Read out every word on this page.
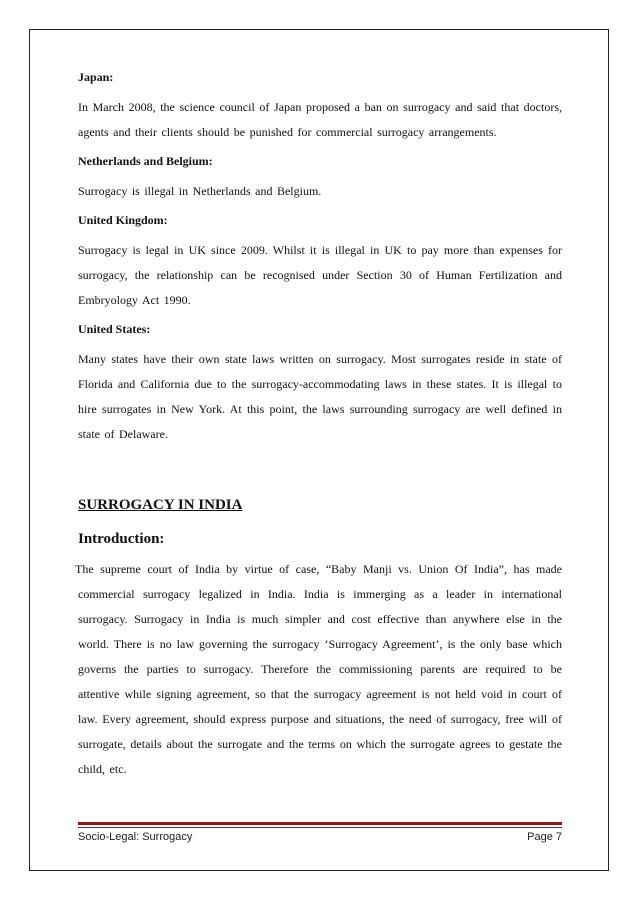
Japan:

In March 2008, the science council of Japan proposed a ban on surrogacy and said that doctors, agents and their clients should be punished for commercial surrogacy arrangements.

Netherlands and Belgium:

Surrogacy is illegal in Netherlands and Belgium.

United Kingdom:

Surrogacy is legal in UK since 2009. Whilst it is illegal in UK to pay more than expenses for surrogacy, the relationship can be recognised under Section 30 of Human Fertilization and Embryology Act 1990.

United States:

Many states have their own state laws written on surrogacy. Most surrogates reside in state of Florida and California due to the surrogacy-accommodating laws in these states. It is illegal to hire surrogates in New York. At this point, the laws surrounding surrogacy are well defined in state of Delaware.

SURROGACY IN INDIA

Introduction:

The supreme court of India by virtue of case, “Baby Manji vs. Union Of India”, has made commercial surrogacy legalized in India. India is immerging as a leader in international surrogacy. Surrogacy in India is much simpler and cost effective than anywhere else in the world. There is no law governing the surrogacy ‘Surrogacy Agreement’, is the only base which governs the parties to surrogacy. Therefore the commissioning parents are required to be attentive while signing agreement, so that the surrogacy agreement is not held void in court of law. Every agreement, should express purpose and situations, the need of surrogacy, free will of surrogate, details about the surrogate and the terms on which the surrogate agrees to gestate the child, etc.

Socio-Legal: Surrogacy	Page 7
